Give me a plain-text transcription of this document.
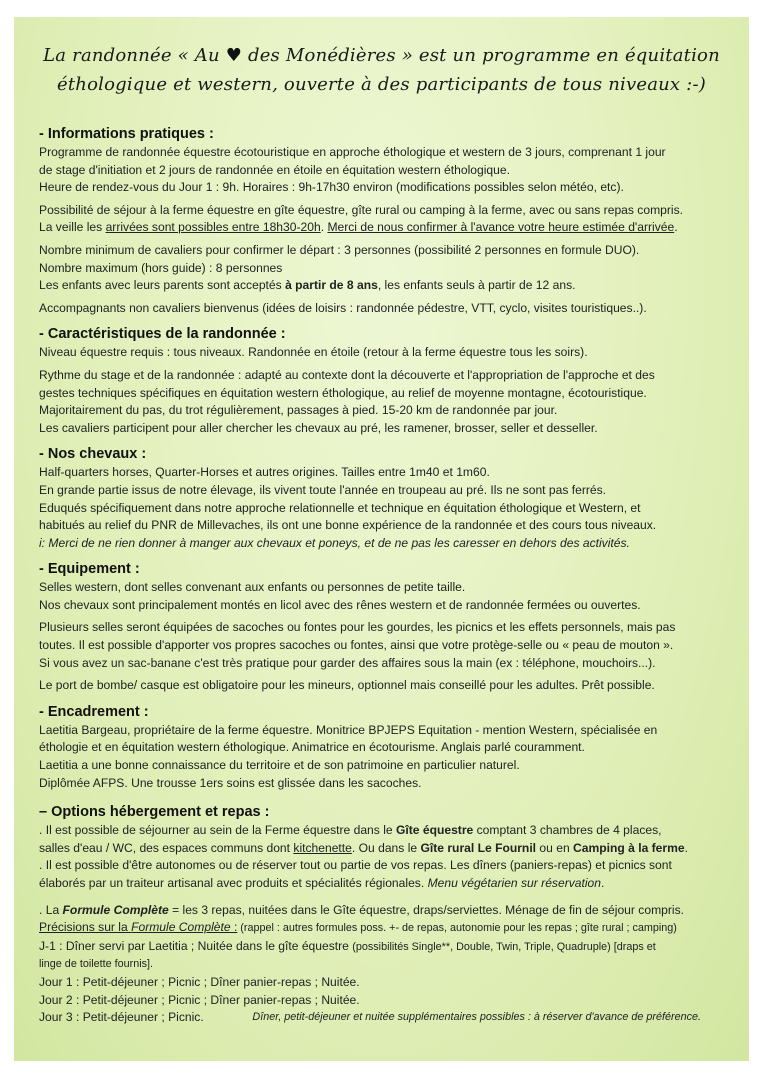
La randonnée « Au ♥ des Monédières » est un programme en équitation
éthologique et western, ouverte à des participants de tous niveaux :-)
- Informations pratiques :
Programme de randonnée équestre écotouristique en approche éthologique et western de 3 jours, comprenant 1 jour
de stage d'initiation et 2 jours de randonnée en étoile en équitation western éthologique.
Heure de rendez-vous du Jour 1 : 9h. Horaires : 9h-17h30 environ (modifications possibles selon météo, etc).
Possibilité de séjour à la ferme équestre en gîte équestre, gîte rural ou camping à la ferme, avec ou sans repas compris.
La veille les arrivées sont possibles entre 18h30-20h. Merci de nous confirmer à l'avance votre heure estimée d'arrivée.
Nombre minimum de cavaliers pour confirmer le départ : 3 personnes (possibilité 2 personnes en formule DUO).
Nombre maximum (hors guide) : 8 personnes
Les enfants avec leurs parents sont acceptés à partir de 8 ans, les enfants seuls à partir de 12 ans.
Accompagnants non cavaliers bienvenus (idées de loisirs : randonnée pédestre, VTT, cyclo, visites touristiques..).
- Caractéristiques de la randonnée :
Niveau équestre requis : tous niveaux. Randonnée en étoile (retour à la ferme équestre tous les soirs).
Rythme du stage et de la randonnée : adapté au contexte dont la découverte et l'appropriation de l'approche et des
gestes techniques spécifiques en équitation western éthologique, au relief de moyenne montagne, écotouristique.
Majoritairement du pas, du trot régulièrement, passages à pied. 15-20 km de randonnée par jour.
Les cavaliers participent pour aller chercher les chevaux au pré, les ramener, brosser, seller et desseller.
- Nos chevaux :
Half-quarters horses, Quarter-Horses et autres origines. Tailles entre 1m40 et 1m60.
En grande partie issus de notre élevage, ils vivent toute l'année en troupeau au pré. Ils ne sont pas ferrés.
Eduqués spécifiquement dans notre approche relationnelle et technique en équitation éthologique et Western, et
habitués au relief du PNR de Millevaches, ils ont une bonne expérience de la randonnée et des cours tous niveaux.
i: Merci de ne rien donner à manger aux chevaux et poneys, et de ne pas les caresser en dehors des activités.
- Equipement :
Selles western, dont selles convenant aux enfants ou personnes de petite taille.
Nos chevaux sont principalement montés en licol avec des rênes western et de randonnée fermées ou ouvertes.
Plusieurs selles seront équipées de sacoches ou fontes pour les gourdes, les picnics et les effets personnels, mais pas
toutes. Il est possible d'apporter vos propres sacoches ou fontes, ainsi que votre protège-selle ou « peau de mouton ».
Si vous avez un sac-banane c'est très pratique pour garder des affaires sous la main (ex : téléphone, mouchoirs...).
Le port de bombe/ casque est obligatoire pour les mineurs, optionnel mais conseillé pour les adultes. Prêt possible.
- Encadrement :
Laetitia Bargeau, propriétaire de la ferme équestre. Monitrice BPJEPS Equitation - mention Western, spécialisée en
éthologie et en équitation western éthologique. Animatrice en écotourisme. Anglais parlé couramment.
Laetitia a une bonne connaissance du territoire et de son patrimoine en particulier naturel.
Diplômée AFPS. Une trousse 1ers soins est glissée dans les sacoches.
– Options hébergement et repas :
. Il est possible de séjourner au sein de la Ferme équestre dans le Gîte équestre comptant 3 chambres de 4 places,
salles d'eau / WC, des espaces communs dont kitchenette. Ou dans le Gîte rural Le Fournil ou en Camping à la ferme.
. Il est possible d'être autonomes ou de réserver tout ou partie de vos repas. Les dîners (paniers-repas) et picnics sont
élaborés par un traiteur artisanal avec produits et spécialités régionales. Menu végétarien sur réservation.
. La Formule Complète = les 3 repas, nuitées dans le Gîte équestre, draps/serviettes. Ménage de fin de séjour compris.
Précisions sur la Formule Complète : (rappel : autres formules poss. +- de repas, autonomie pour les repas ; gîte rural ; camping)
J-1 : Dîner servi par Laetitia ; Nuitée dans le gîte équestre (possibilités Single**, Double, Twin, Triple, Quadruple) [draps et
linge de toilette fournis].
Jour 1 : Petit-déjeuner ; Picnic ; Dîner panier-repas ; Nuitée.
Jour 2 : Petit-déjeuner ; Picnic ; Dîner panier-repas ; Nuitée.
Jour 3 : Petit-déjeuner ; Picnic.	Dîner, petit-déjeuner et nuitée supplémentaires possibles : à réserver d'avance de préférence.
